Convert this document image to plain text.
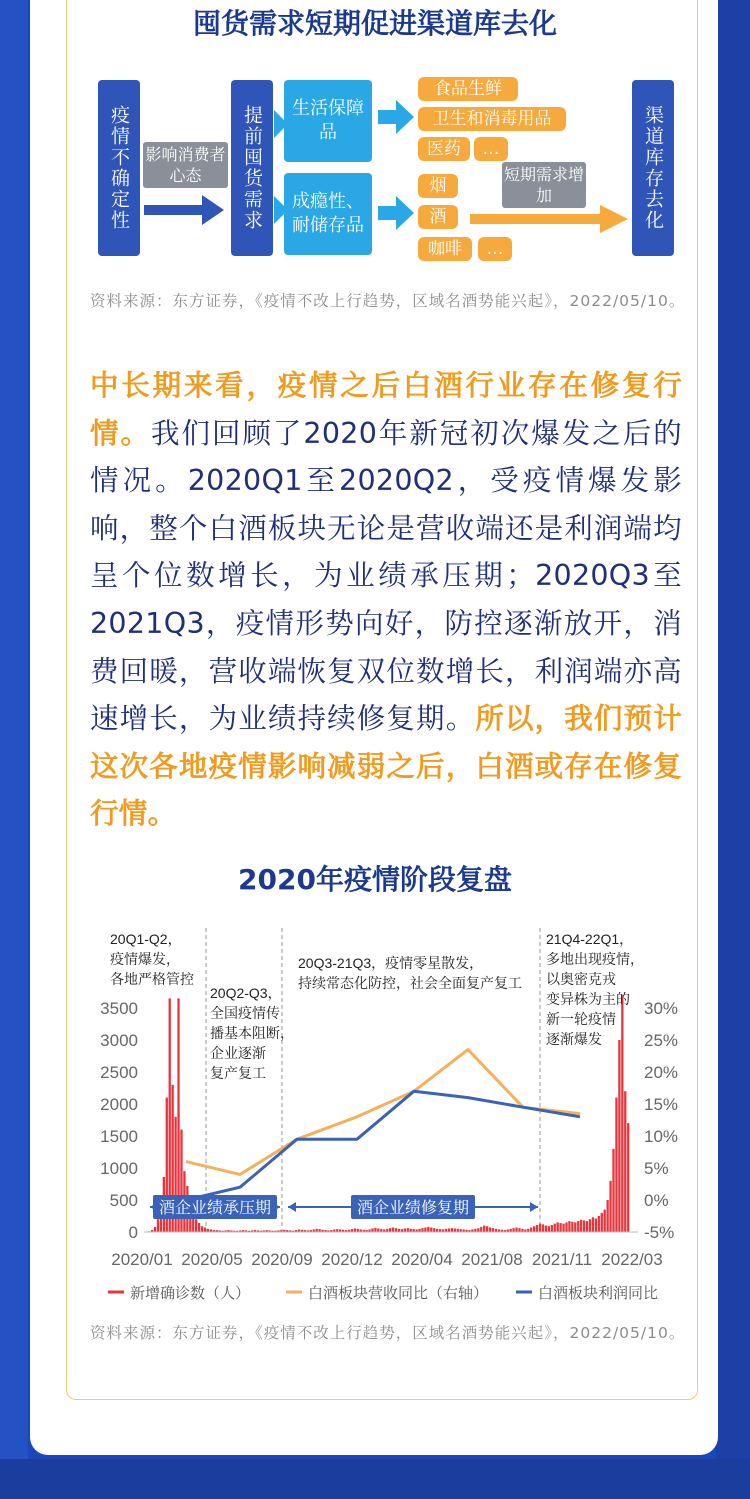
囤货需求短期促进渠道库去化
疫情不确定性 影响消费者心态	提前囤货需求	生活保障品
成瘾性、耐储存品
食品生鲜
卫生和消毒用品
医药	…
烟
酒
咖啡	…
短期需求增加	渠道库存去化
资料来源：东方证券，《疫情不改上行趋势，区域名酒势能兴起》，2022/05/10。
中长期来看，疫情之后白酒行业存在修复行情。我们回顾了2020年新冠初次爆发之后的情况。2020Q1至2020Q2，受疫情爆发影响，整个白酒板块无论是营收端还是利润端均呈个位数增长，为业绩承压期；2020Q3至2021Q3，疫情形势向好，防控逐渐放开，消费回暖，营收端恢复双位数增长，利润端亦高速增长，为业绩持续修复期。所以，我们预计这次各地疫情影响减弱之后，白酒或存在修复行情。
2020年疫情阶段复盘
0
500
1000
1500
2000
2500
3000
3500
-5%
0%
5%
10%
15%
20%
25%
30%
2020/01 2020/05 2020/09 2020/12 2020/04 2021/08 2021/11 2022/03
酒企业绩承压期	酒企业绩修复期
20Q1-Q2，疫情爆发，各地严格管控
20Q2-Q3，全国疫情传播基本阻断，企业逐渐复产复工
20Q3-21Q3，疫情零星散发，持续常态化防控，社会全面复产复工
21Q4-22Q1，多地出现疫情，以奥密克戎变异株为主的新一轮疫情逐渐爆发
新增确诊数（人）	白酒板块营收同比（右轴）	白酒板块利润同比
资料来源：东方证券，《疫情不改上行趋势，区域名酒势能兴起》，2022/05/10。
